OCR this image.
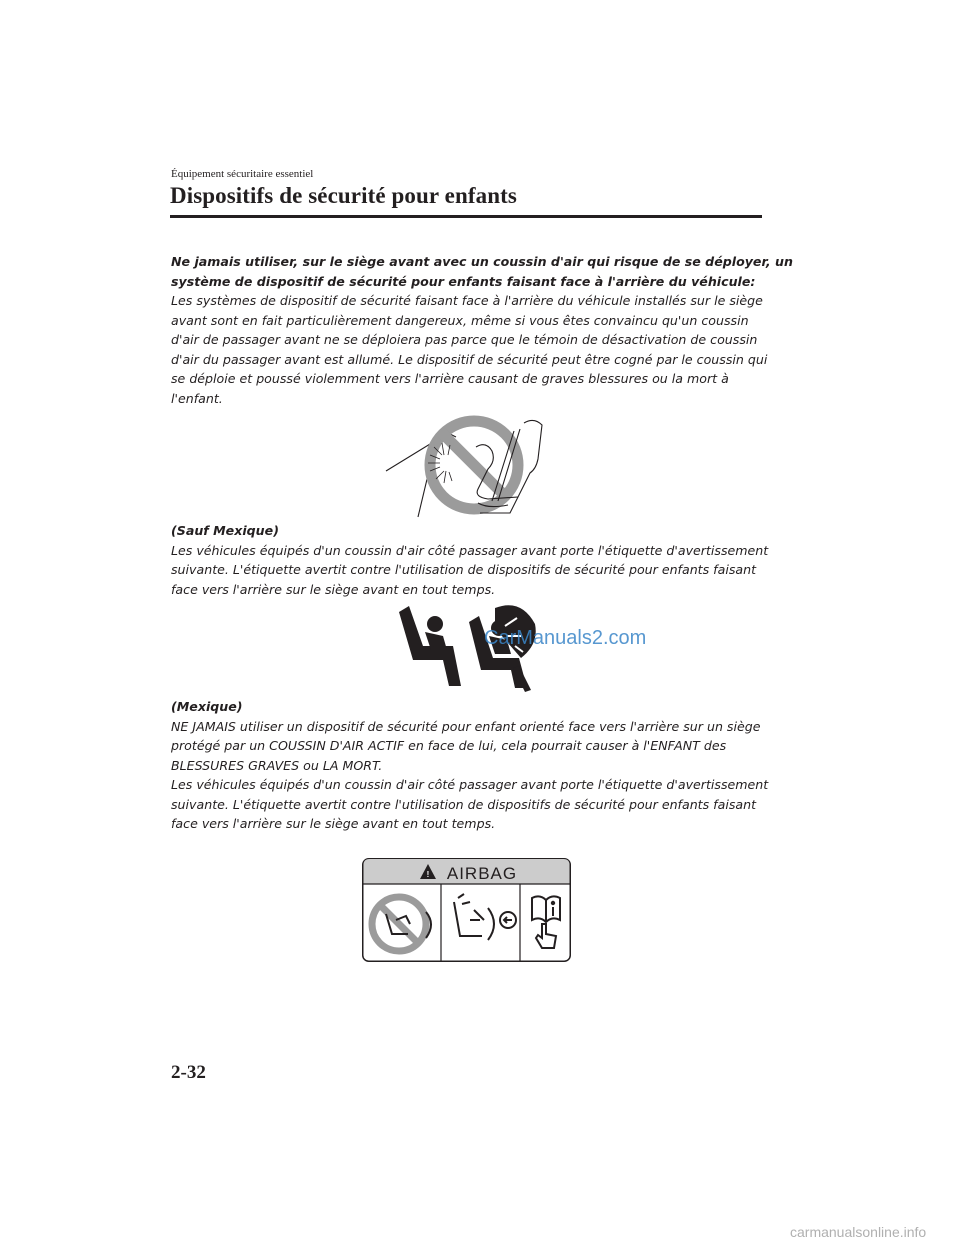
Équipement sécuritaire essentiel
Dispositifs de sécurité pour enfants
Ne jamais utiliser, sur le siège avant avec un coussin d'air qui risque de se déployer, un
système de dispositif de sécurité pour enfants faisant face à l'arrière du véhicule:
Les systèmes de dispositif de sécurité faisant face à l'arrière du véhicule installés sur le siège
avant sont en fait particulièrement dangereux, même si vous êtes convaincu qu'un coussin
d'air de passager avant ne se déploiera pas parce que le témoin de désactivation de coussin
d'air du passager avant est allumé. Le dispositif de sécurité peut être cogné par le coussin qui
se déploie et poussé violemment vers l'arrière causant de graves blessures ou la mort à
l'enfant.
(Sauf Mexique)
Les véhicules équipés d'un coussin d'air côté passager avant porte l'étiquette d'avertissement
suivante. L'étiquette avertit contre l'utilisation de dispositifs de sécurité pour enfants faisant
face vers l'arrière sur le siège avant en tout temps.
CarManuals2.com
(Mexique)
NE JAMAIS utiliser un dispositif de sécurité pour enfant orienté face vers l'arrière sur un siège
protégé par un COUSSIN D'AIR ACTIF en face de lui, cela pourrait causer à l'ENFANT des
BLESSURES GRAVES ou LA MORT.
Les véhicules équipés d'un coussin d'air côté passager avant porte l'étiquette d'avertissement
suivante. L'étiquette avertit contre l'utilisation de dispositifs de sécurité pour enfants faisant
face vers l'arrière sur le siège avant en tout temps.
! AIRBAG
2-32
carmanualsonline.info
